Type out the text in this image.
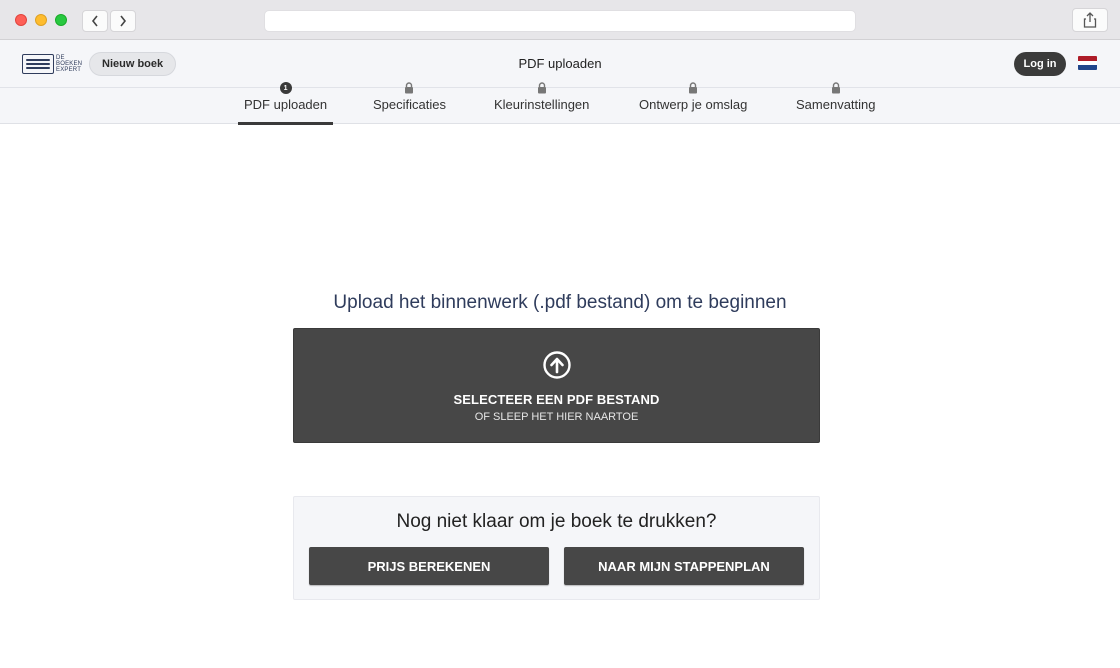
DE
BOEKEN
EXPERT	Nieuw boek	PDF uploaden	Log in
1
PDF uploaden	Specificaties	Kleurinstellingen	Ontwerp je omslag	Samenvatting
Upload het binnenwerk (.pdf bestand) om te beginnen
SELECTEER EEN PDF BESTAND
OF SLEEP HET HIER NAARTOE
Nog niet klaar om je boek te drukken?
PRIJS BEREKENEN	NAAR MIJN STAPPENPLAN
